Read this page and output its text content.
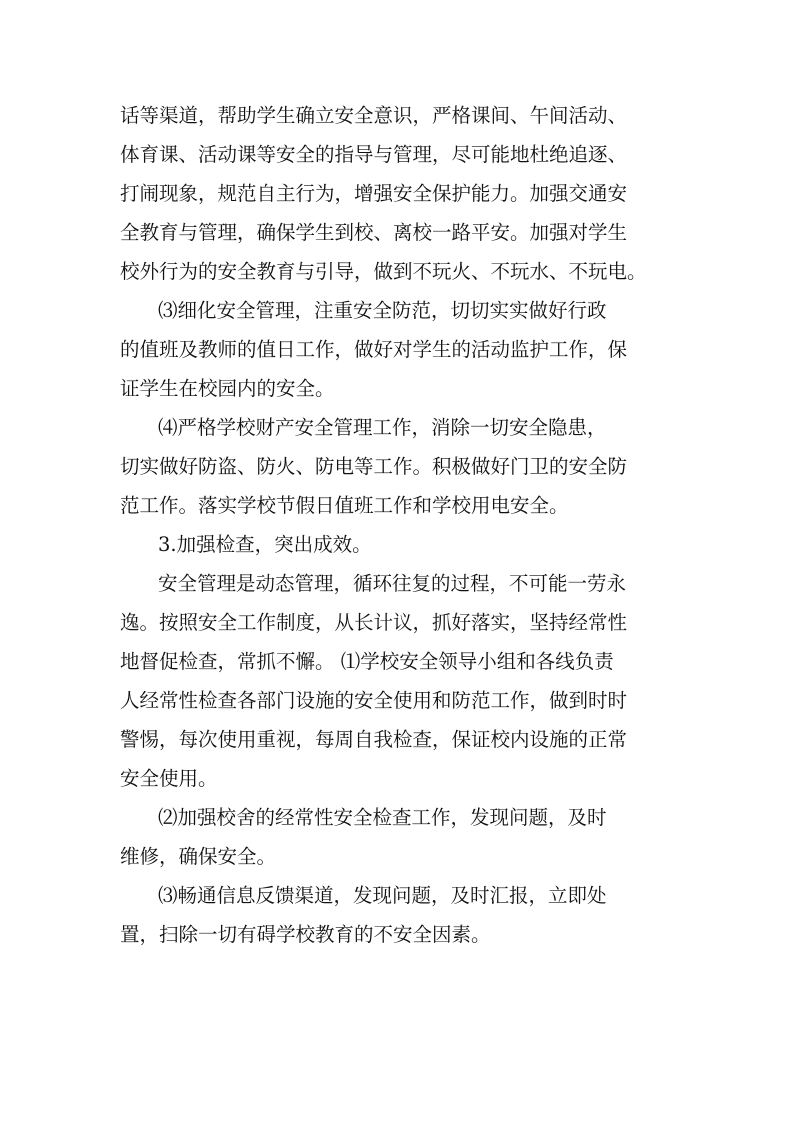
话等渠道，帮助学生确立安全意识，严格课间、午间活动、
体育课、活动课等安全的指导与管理，尽可能地杜绝追逐、
打闹现象，规范自主行为，增强安全保护能力。加强交通安
全教育与管理，确保学生到校、离校一路平安。加强对学生
校外行为的安全教育与引导，做到不玩火、不玩水、不玩电。
⑶细化安全管理，注重安全防范，切切实实做好行政
的值班及教师的值日工作，做好对学生的活动监护工作，保
证学生在校园内的安全。
⑷严格学校财产安全管理工作，消除一切安全隐患，
切实做好防盗、防火、防电等工作。积极做好门卫的安全防
范工作。落实学校节假日值班工作和学校用电安全。
3.加强检查，突出成效。
安全管理是动态管理，循环往复的过程，不可能一劳永
逸。按照安全工作制度，从长计议，抓好落实，坚持经常性
地督促检查，常抓不懈。 ⑴学校安全领导小组和各线负责
人经常性检查各部门设施的安全使用和防范工作，做到时时
警惕，每次使用重视，每周自我检查，保证校内设施的正常
安全使用。
⑵加强校舍的经常性安全检查工作，发现问题，及时
维修，确保安全。
⑶畅通信息反馈渠道，发现问题，及时汇报，立即处
置，扫除一切有碍学校教育的不安全因素。
